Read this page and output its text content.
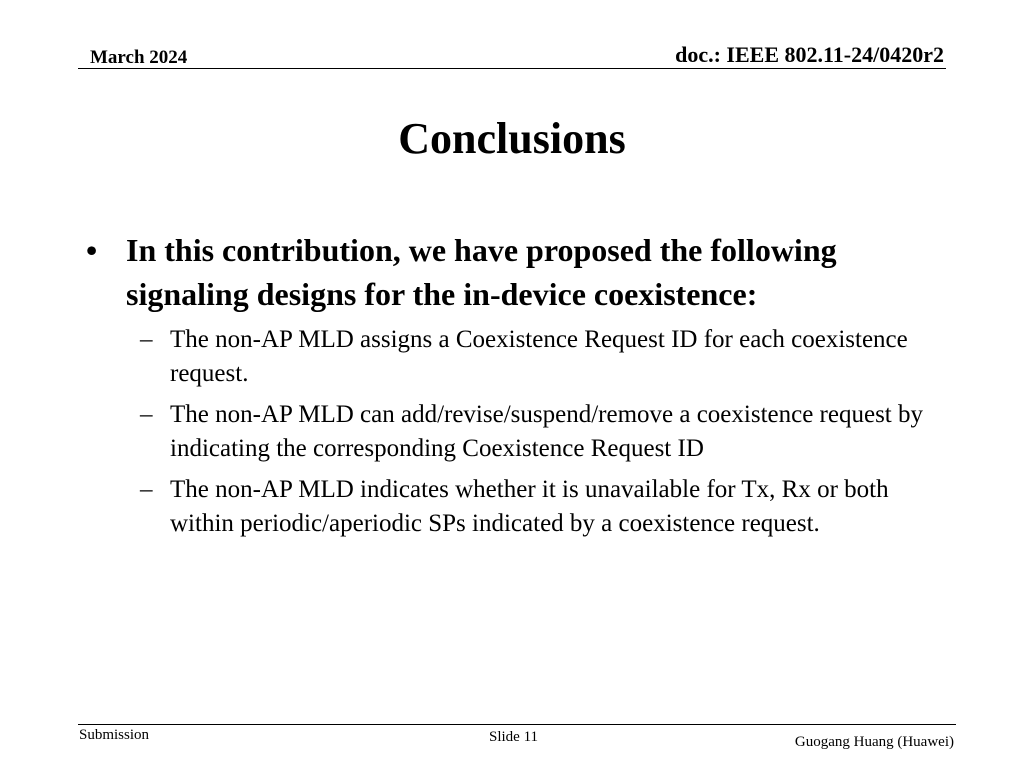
March 2024	doc.: IEEE 802.11-24/0420r2
Conclusions
• In this contribution, we have proposed the following signaling designs for the in-device coexistence:
– The non-AP MLD assigns a Coexistence Request ID for each coexistence request.
– The non-AP MLD can add/revise/suspend/remove a coexistence request by indicating the corresponding Coexistence Request ID
– The non-AP MLD indicates whether it is unavailable for Tx, Rx or both within periodic/aperiodic SPs indicated by a coexistence request.
Submission	Slide 11	Guogang Huang (Huawei)
